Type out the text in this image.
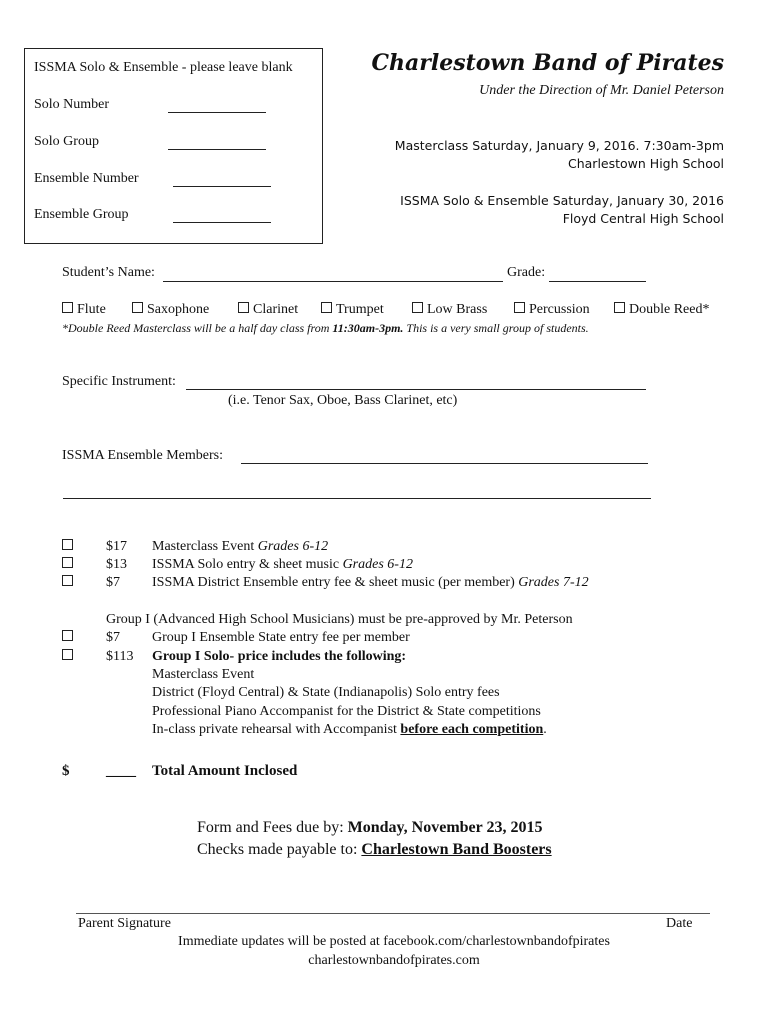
ISSMA Solo & Ensemble - please leave blank
Solo Number
Solo Group
Ensemble Number
Ensemble Group
Charlestown Band of Pirates
Under the Direction of Mr. Daniel Peterson
Masterclass Saturday, January 9, 2016. 7:30am-3pm
Charlestown High School
ISSMA Solo & Ensemble Saturday, January 30, 2016
Floyd Central High School
Student’s Name:	Grade:
Flute	Saxophone	Clarinet	Trumpet	Low Brass	Percussion	Double Reed*
*Double Reed Masterclass will be a half day class from 11:30am-3pm. This is a very small group of students.
Specific Instrument:
(i.e. Tenor Sax, Oboe, Bass Clarinet, etc)
ISSMA Ensemble Members:
$17 Masterclass Event Grades 6-12
$13 ISSMA Solo entry & sheet music Grades 6-12
$7 ISSMA District Ensemble entry fee & sheet music (per member) Grades 7-12
Group I (Advanced High School Musicians) must be pre-approved by Mr. Peterson
$7 Group I Ensemble State entry fee per member
$113 Group I Solo- price includes the following:
Masterclass Event
District (Floyd Central) & State (Indianapolis) Solo entry fees
Professional Piano Accompanist for the District & State competitions
In-class private rehearsal with Accompanist before each competition.
$ ____ Total Amount Inclosed
Form and Fees due by: Monday, November 23, 2015
Checks made payable to: Charlestown Band Boosters
Parent Signature	Date
Immediate updates will be posted at facebook.com/charlestownbandofpirates
charlestownbandofpirates.com
